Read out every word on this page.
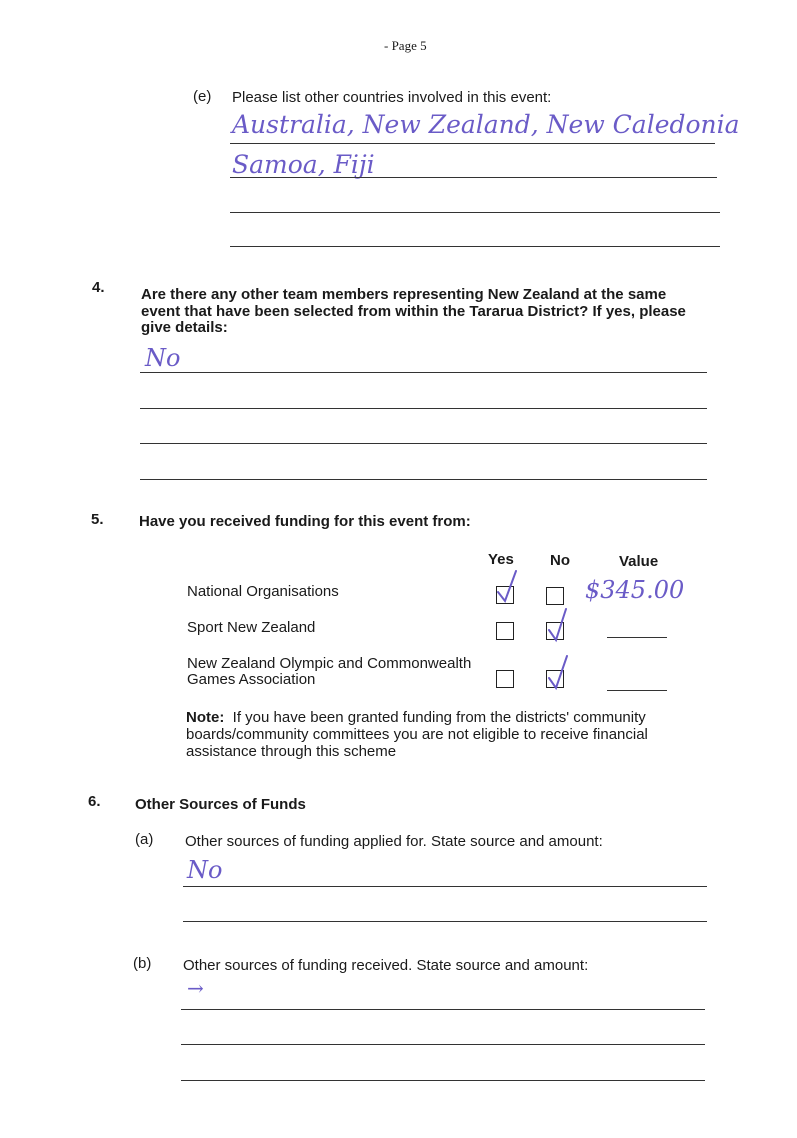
- Page 5
(e) Please list other countries involved in this event:
Australia, New Zealand, New Caledonia
Samoa, Fiji
4. Are there any other team members representing New Zealand at the same
event that have been selected from within the Tararua District? If yes, please
give details:
No
5. Have you received funding for this event from:
Yes No	Value
National Organisations	$345.00
Sport New Zealand
New Zealand Olympic and Commonwealth
Games Association
Note: If you have been granted funding from the districts' community
boards/community committees you are not eligible to receive financial
assistance through this scheme
6. Other Sources of Funds
(a) Other sources of funding applied for. State source and amount:
No
(b) Other sources of funding received. State source and amount:
→
